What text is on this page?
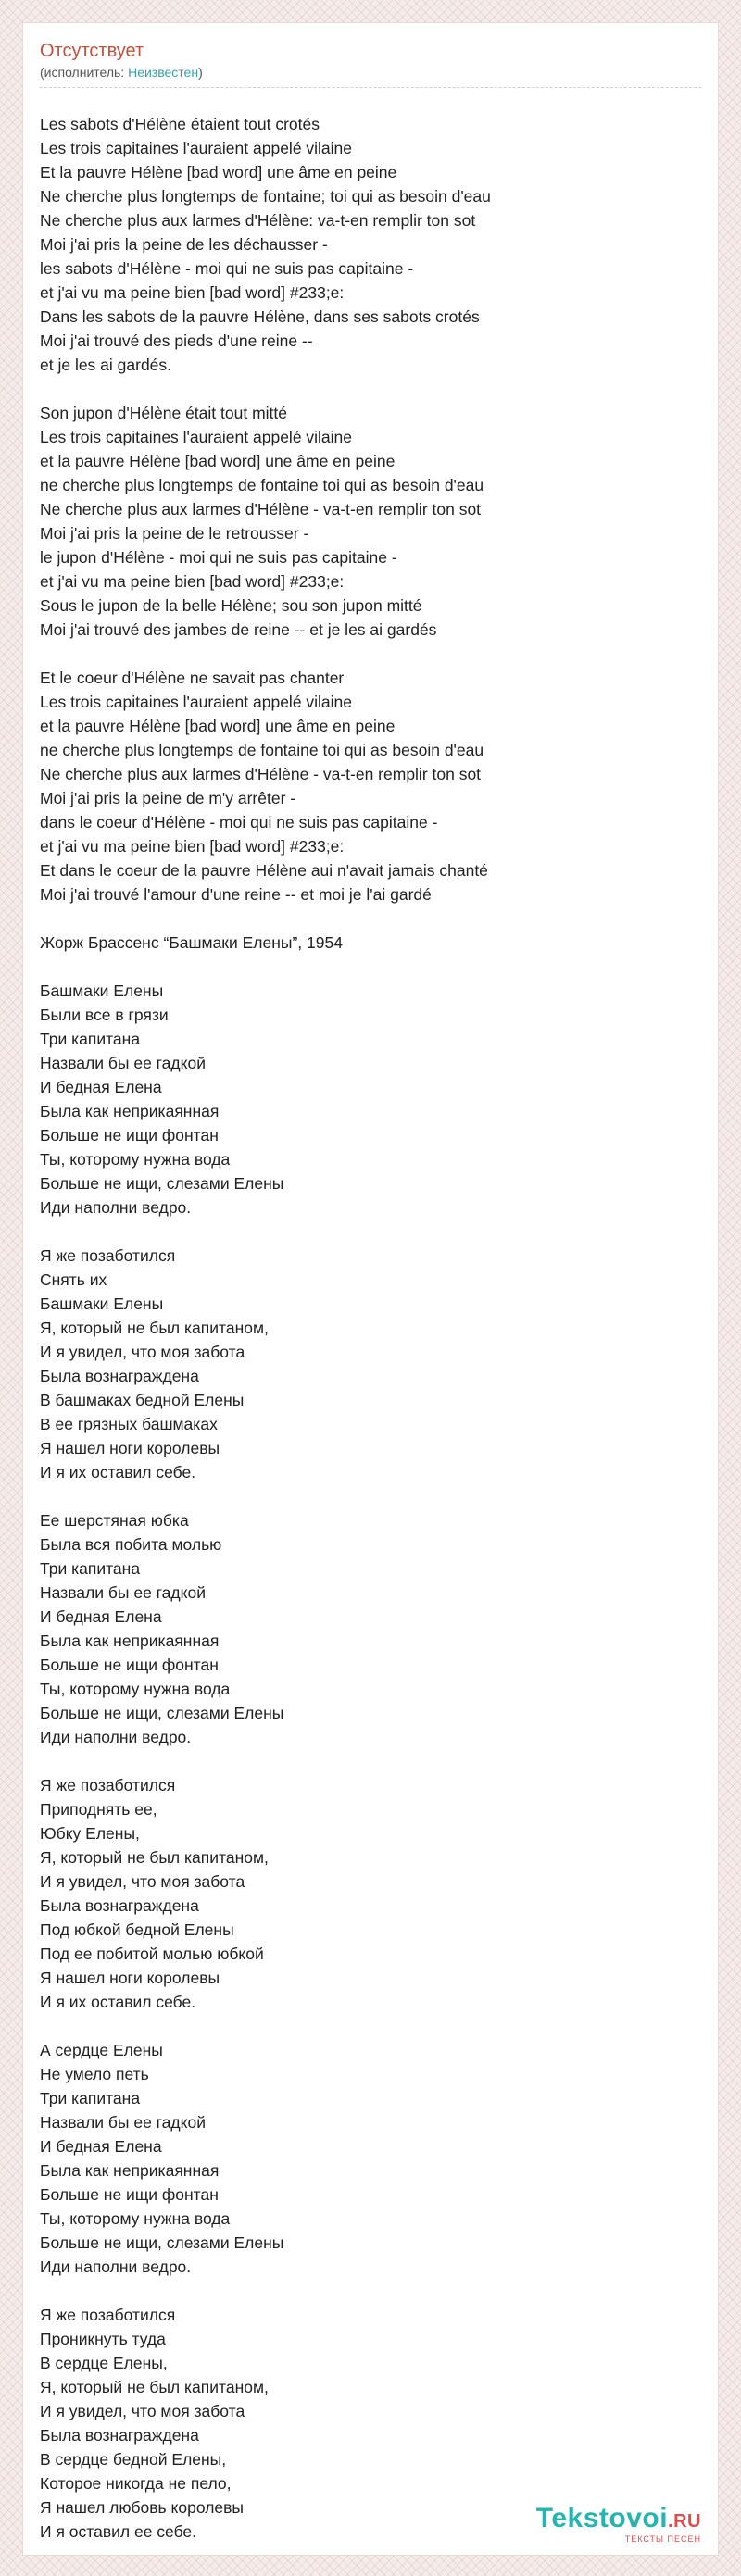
Отсутствует
(исполнитель: Неизвестен)
Les sabots d'Hélène étaient tout crotés
Les trois capitaines l'auraient appelé vilaine
Et la pauvre Hélène [bad word] une âme en peine
Ne cherche plus longtemps de fontaine; toi qui as besoin d'eau
Ne cherche plus aux larmes d'Hélène: va-t-en remplir ton sot
Moi j'ai pris la peine de les déchausser -
les sabots d'Hélène - moi qui ne suis pas capitaine -
et j'ai vu ma peine bien [bad word] #233;e:
Dans les sabots de la pauvre Hélène, dans ses sabots crotés
Moi j'ai trouvé des pieds d'une reine --
et je les ai gardés.
Son jupon d'Hélène était tout mitté
Les trois capitaines l'auraient appelé vilaine
et la pauvre Hélène [bad word] une âme en peine
ne cherche plus longtemps de fontaine toi qui as besoin d'eau
Ne cherche plus aux larmes d'Hélène - va-t-en remplir ton sot
Moi j'ai pris la peine de le retrousser -
le jupon d'Hélène - moi qui ne suis pas capitaine -
et j'ai vu ma peine bien [bad word] #233;e:
Sous le jupon de la belle Hélène; sou son jupon mitté
Moi j'ai trouvé des jambes de reine -- et je les ai gardés
Et le coeur d'Hélène ne savait pas chanter
Les trois capitaines l'auraient appelé vilaine
et la pauvre Hélène [bad word] une âme en peine
ne cherche plus longtemps de fontaine toi qui as besoin d'eau
Ne cherche plus aux larmes d'Hélène - va-t-en remplir ton sot
Moi j'ai pris la peine de m'y arrêter -
dans le coeur d'Hélène - moi qui ne suis pas capitaine -
et j'ai vu ma peine bien [bad word] #233;e:
Et dans le coeur de la pauvre Hélène aui n'avait jamais chanté
Moi j'ai trouvé l'amour d'une reine -- et moi je l'ai gardé
Жорж Брассенс “Башмаки Елены”, 1954
Башмаки Елены
Были все в грязи
Три капитана
Назвали бы ее гадкой
И бедная Елена
Была как неприкаянная
Больше не ищи фонтан
Ты, которому нужна вода
Больше не ищи, слезами Елены
Иди наполни ведро.
Я же позаботился
Снять их
Башмаки Елены
Я, который не был капитаном,
И я увидел, что моя забота
Была вознаграждена
В башмаках бедной Елены
В ее грязных башмаках
Я нашел ноги королевы
И я их оставил себе.
Ее шерстяная юбка
Была вся побита молью
Три капитана
Назвали бы ее гадкой
И бедная Елена
Была как неприкаянная
Больше не ищи фонтан
Ты, которому нужна вода
Больше не ищи, слезами Елены
Иди наполни ведро.
Я же позаботился
Приподнять ее,
Юбку Елены,
Я, который не был капитаном,
И я увидел, что моя забота
Была вознаграждена
Под юбкой бедной Елены
Под ее побитой молью юбкой
Я нашел ноги королевы
И я их оставил себе.
А сердце Елены
Не умело петь
Три капитана
Назвали бы ее гадкой
И бедная Елена
Была как неприкаянная
Больше не ищи фонтан
Ты, которому нужна вода
Больше не ищи, слезами Елены
Иди наполни ведро.
Я же позаботился
Проникнуть туда
В сердце Елены,
Я, который не был капитаном,
И я увидел, что моя забота
Была вознаграждена
В сердце бедной Елены,
Которое никогда не пело,
Я нашел любовь королевы
И я оставил ее себе.	Tekstovoi.RU
ТЕКСТЫ ПЕСЕН
